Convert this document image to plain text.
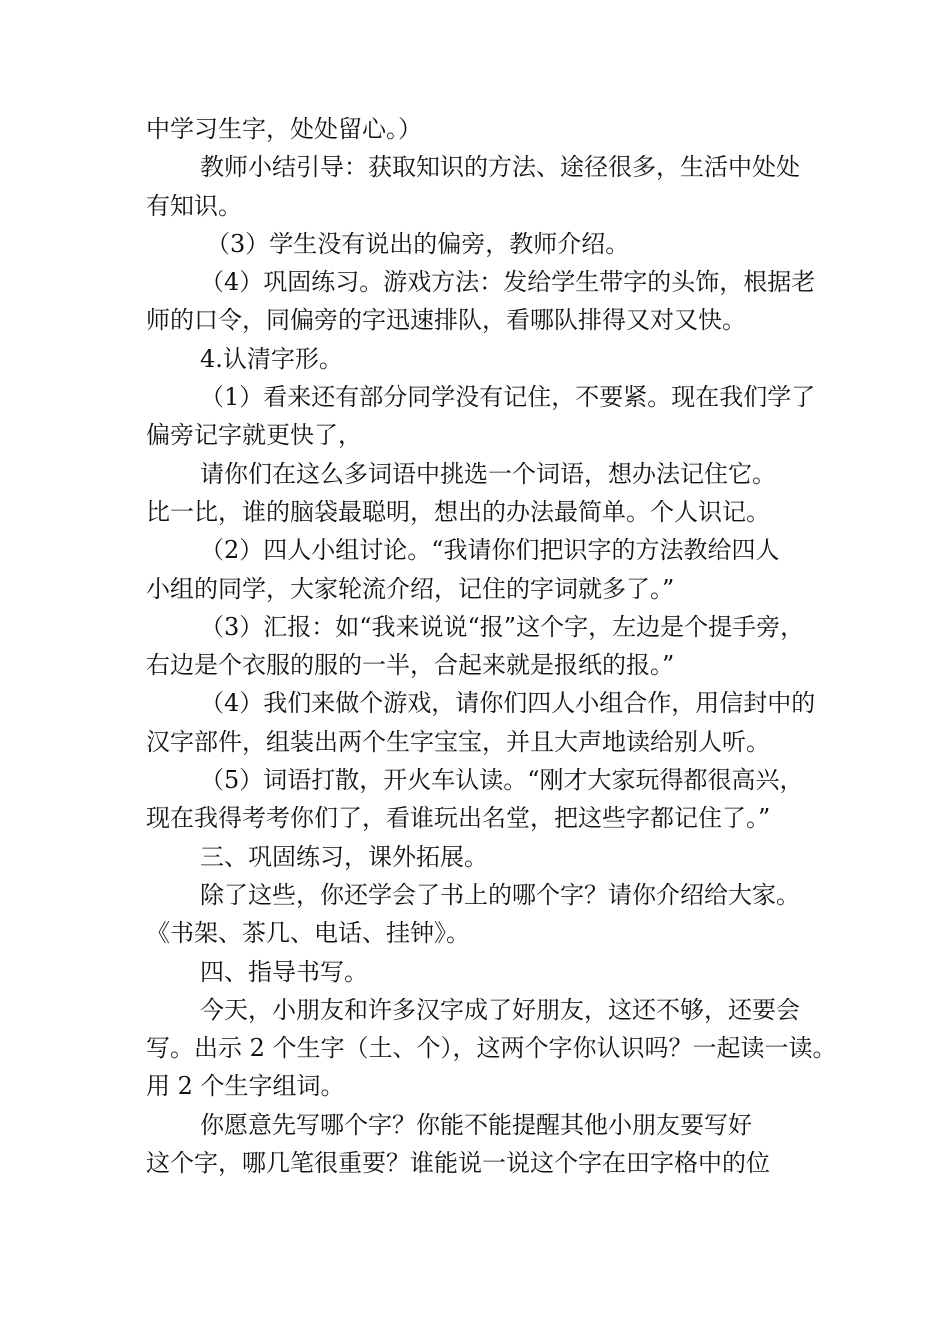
中学习生字，处处留心。）
教师小结引导：获取知识的方法、途径很多，生活中处处
有知识。
（3）学生没有说出的偏旁，教师介绍。
（4）巩固练习。游戏方法：发给学生带字的头饰，根据老
师的口令，同偏旁的字迅速排队，看哪队排得又对又快。
4.认清字形。
（1）看来还有部分同学没有记住，不要紧。现在我们学了
偏旁记字就更快了，
请你们在这么多词语中挑选一个词语，想办法记住它。
比一比，谁的脑袋最聪明，想出的办法最简单。个人识记。
（2）四人小组讨论。“我请你们把识字的方法教给四人
小组的同学，大家轮流介绍，记住的字词就多了。”
（3）汇报：如“我来说说“报”这个字，左边是个提手旁，
右边是个衣服的服的一半，合起来就是报纸的报。”
（4）我们来做个游戏，请你们四人小组合作，用信封中的
汉字部件，组装出两个生字宝宝，并且大声地读给别人听。
（5）词语打散，开火车认读。“刚才大家玩得都很高兴，
现在我得考考你们了，看谁玩出名堂，把这些字都记住了。”
三、巩固练习，课外拓展。
除了这些，你还学会了书上的哪个字？请你介绍给大家。
《书架、茶几、电话、挂钟》。
四、指导书写。
今天，小朋友和许多汉字成了好朋友，这还不够，还要会
写。出示 2 个生字（土、个），这两个字你认识吗？一起读一读。
用 2 个生字组词。
你愿意先写哪个字？你能不能提醒其他小朋友要写好
这个字，哪几笔很重要？谁能说一说这个字在田字格中的位
